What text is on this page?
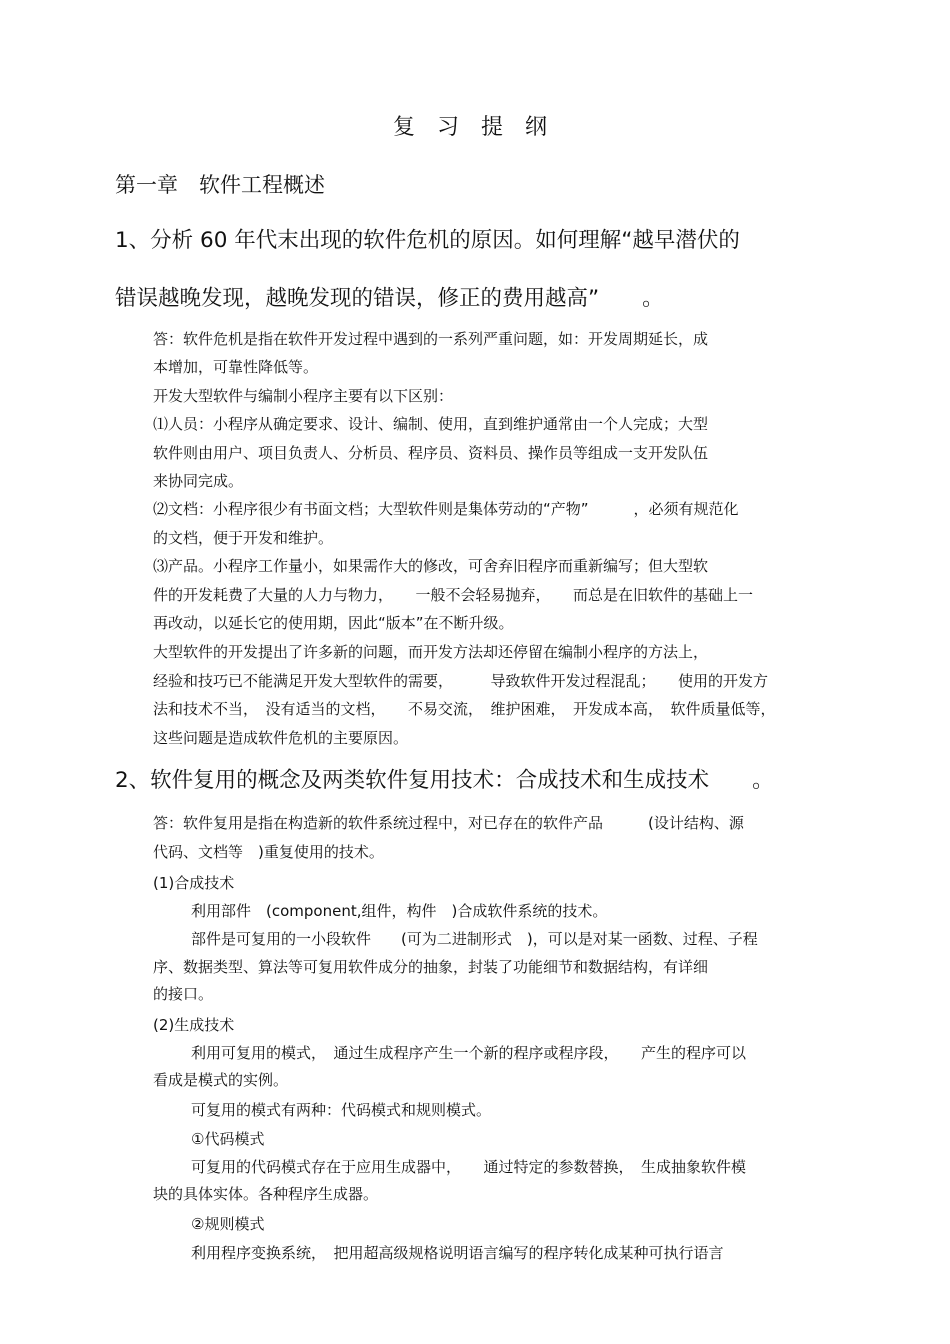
复　习　提　纲
第一章　软件工程概述
1、分析 60 年代末出现的软件危机的原因。如何理解“越早潜伏的
错误越晚发现，越晚发现的错误，修正的费用越高”　　。
答：软件危机是指在软件开发过程中遇到的一系列严重问题，如：开发周期延长，成
本增加，可靠性降低等。
开发大型软件与编制小程序主要有以下区别：
⑴人员：小程序从确定要求、设计、编制、使用，直到维护通常由一个人完成；大型
软件则由用户、项目负责人、分析员、程序员、资料员、操作员等组成一支开发队伍
来协同完成。
⑵文档：小程序很少有书面文档；大型软件则是集体劳动的“产物”　　　，必须有规范化
的文档，便于开发和维护。
⑶产品。小程序工作量小，如果需作大的修改，可舍弃旧程序而重新编写；但大型软
件的开发耗费了大量的人力与物力，　　一般不会轻易抛弃，　　而总是在旧软件的基础上一
再改动，以延长它的使用期，因此“版本”在不断升级。
大型软件的开发提出了许多新的问题，而开发方法却还停留在编制小程序的方法上，
经验和技巧已不能满足开发大型软件的需要，　　　导致软件开发过程混乱；　　使用的开发方
法和技术不当，　没有适当的文档，　　不易交流，　维护困难，　开发成本高，　软件质量低等，
这些问题是造成软件危机的主要原因。
2、软件复用的概念及两类软件复用技术：合成技术和生成技术　　。
答：软件复用是指在构造新的软件系统过程中，对已存在的软件产品　　　(设计结构、源
代码、文档等　)重复使用的技术。
(1)合成技术
利用部件　(component,组件，构件　)合成软件系统的技术。
部件是可复用的一小段软件　　(可为二进制形式　)，可以是对某一函数、过程、子程
序、数据类型、算法等可复用软件成分的抽象，封装了功能细节和数据结构，有详细
的接口。
(2)生成技术
利用可复用的模式，　通过生成程序产生一个新的程序或程序段，　　产生的程序可以
看成是模式的实例。
可复用的模式有两种：代码模式和规则模式。
①代码模式
可复用的代码模式存在于应用生成器中，　　通过特定的参数替换，　生成抽象软件模
块的具体实体。各种程序生成器。
②规则模式
利用程序变换系统，　把用超高级规格说明语言编写的程序转化成某种可执行语言
